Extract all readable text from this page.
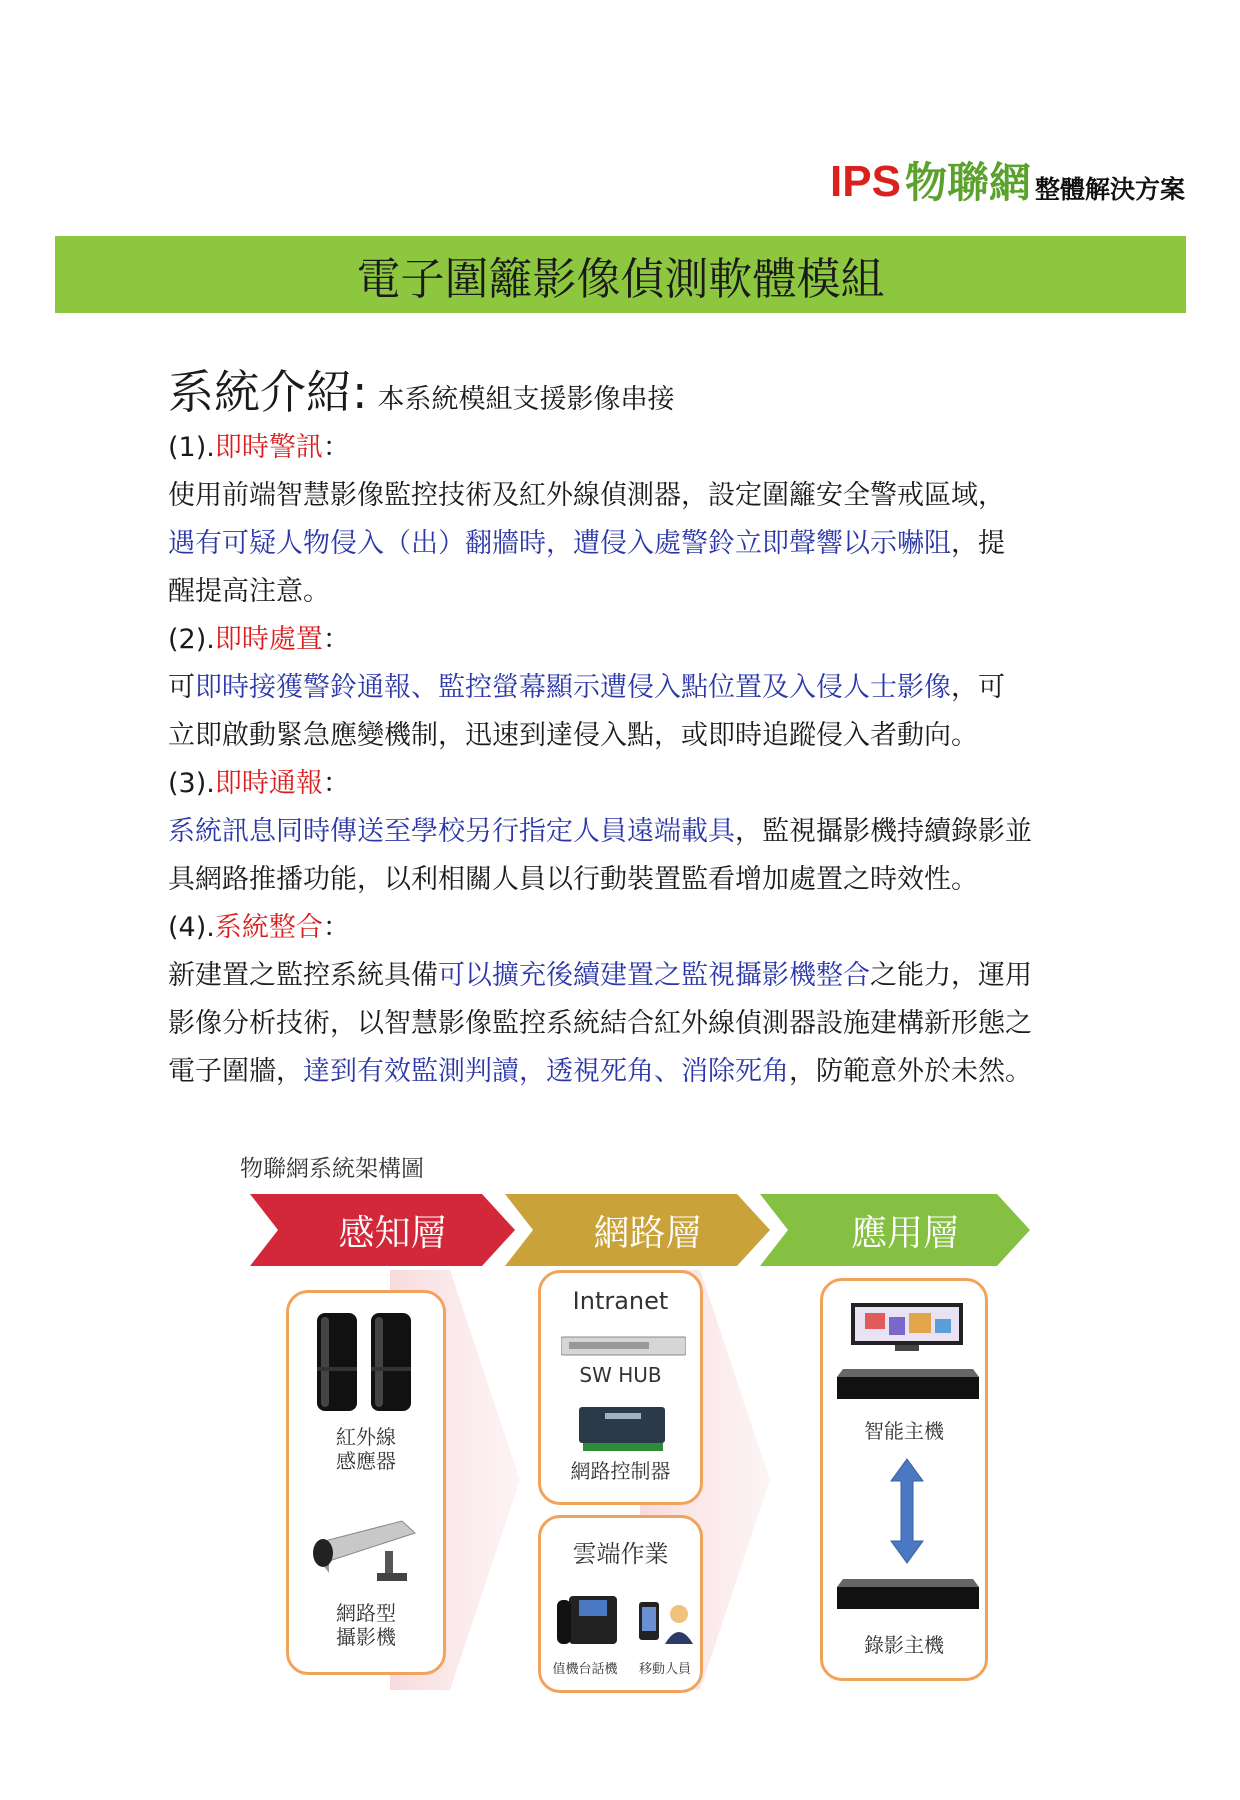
IPS 物聯網 整體解決方案
電子圍籬影像偵測軟體模組
系統介紹: 本系統模組支援影像串接
(1).即時警訊：
使用前端智慧影像監控技術及紅外線偵測器，設定圍籬安全警戒區域，
遇有可疑人物侵入（出）翻牆時，遭侵入處警鈴立即聲響以示嚇阻，提
醒提高注意。
(2).即時處置：
可即時接獲警鈴通報、監控螢幕顯示遭侵入點位置及入侵人士影像，可
立即啟動緊急應變機制，迅速到達侵入點，或即時追蹤侵入者動向。
(3).即時通報：
系統訊息同時傳送至學校另行指定人員遠端載具，監視攝影機持續錄影並
具網路推播功能，以利相關人員以行動裝置監看增加處置之時效性。
(4).系統整合：
新建置之監控系統具備可以擴充後續建置之監視攝影機整合之能力，運用
影像分析技術，以智慧影像監控系統結合紅外線偵測器設施建構新形態之
電子圍牆，達到有效監測判讀，透視死角、消除死角，防範意外於未然。
物聯網系統架構圖
感知層	網路層	應用層
紅外線
感應器
網路型
攝影機
Intranet
SW HUB
網路控制器
雲端作業
值機台話機	移動人員
智能主機
錄影主機
